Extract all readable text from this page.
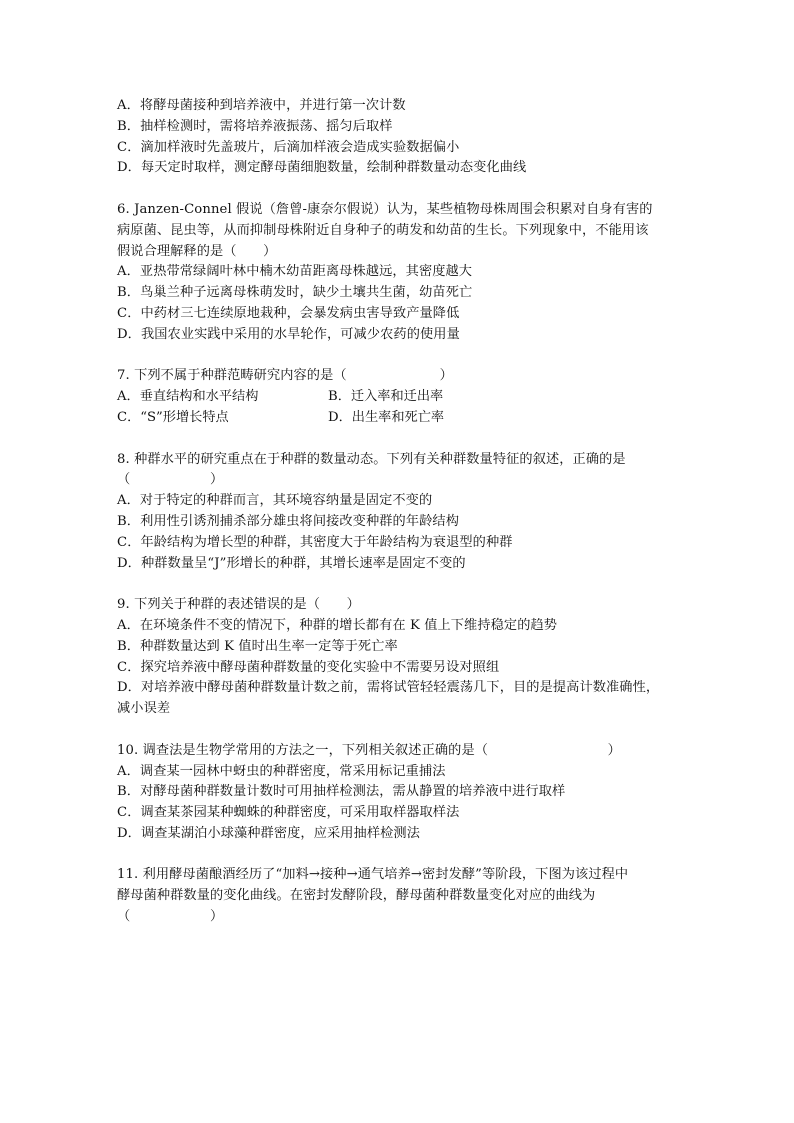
A．将酵母菌接种到培养液中，并进行第一次计数
B．抽样检测时，需将培养液振荡、摇匀后取样
C．滴加样液时先盖玻片，后滴加样液会造成实验数据偏小
D．每天定时取样，测定酵母菌细胞数量，绘制种群数量动态变化曲线
6. Janzen-Connel 假说（詹曾-康奈尔假说）认为，某些植物母株周围会积累对自身有害的
病原菌、昆虫等，从而抑制母株附近自身种子的萌发和幼苗的生长。下列现象中，不能用该
假说合理解释的是（　　）
A．亚热带常绿阔叶林中楠木幼苗距离母株越远，其密度越大
B．鸟巢兰种子远离母株萌发时，缺少土壤共生菌，幼苗死亡
C．中药材三七连续原地栽种，会暴发病虫害导致产量降低
D．我国农业实践中采用的水旱轮作，可减少农药的使用量
7. 下列不属于种群范畴研究内容的是（　　　　　　　）
A．垂直结构和水平结构	B．迁入率和迁出率
C．“S”形增长特点	D．出生率和死亡率
8. 种群水平的研究重点在于种群的数量动态。下列有关种群数量特征的叙述，正确的是
（　　　　　　）
A．对于特定的种群而言，其环境容纳量是固定不变的
B．利用性引诱剂捕杀部分雄虫将间接改变种群的年龄结构
C．年龄结构为增长型的种群，其密度大于年龄结构为衰退型的种群
D．种群数量呈“J”形增长的种群，其增长速率是固定不变的
9. 下列关于种群的表述错误的是（　　）
A．在环境条件不变的情况下，种群的增长都有在 K 值上下维持稳定的趋势
B．种群数量达到 K 值时出生率一定等于死亡率
C．探究培养液中酵母菌种群数量的变化实验中不需要另设对照组
D．对培养液中酵母菌种群数量计数之前，需将试管轻轻震荡几下，目的是提高计数准确性，
减小误差
10. 调查法是生物学常用的方法之一，下列相关叙述正确的是（　　　　　　　　　）
A．调查某一园林中蚜虫的种群密度，常采用标记重捕法
B．对酵母菌种群数量计数时可用抽样检测法，需从静置的培养液中进行取样
C．调查某茶园某种蜘蛛的种群密度，可采用取样器取样法
D．调查某湖泊小球藻种群密度，应采用抽样检测法
11. 利用酵母菌酿酒经历了“加料→接种→通气培养→密封发酵”等阶段，下图为该过程中
酵母菌种群数量的变化曲线。在密封发酵阶段，酵母菌种群数量变化对应的曲线为
（　　　　　　）
